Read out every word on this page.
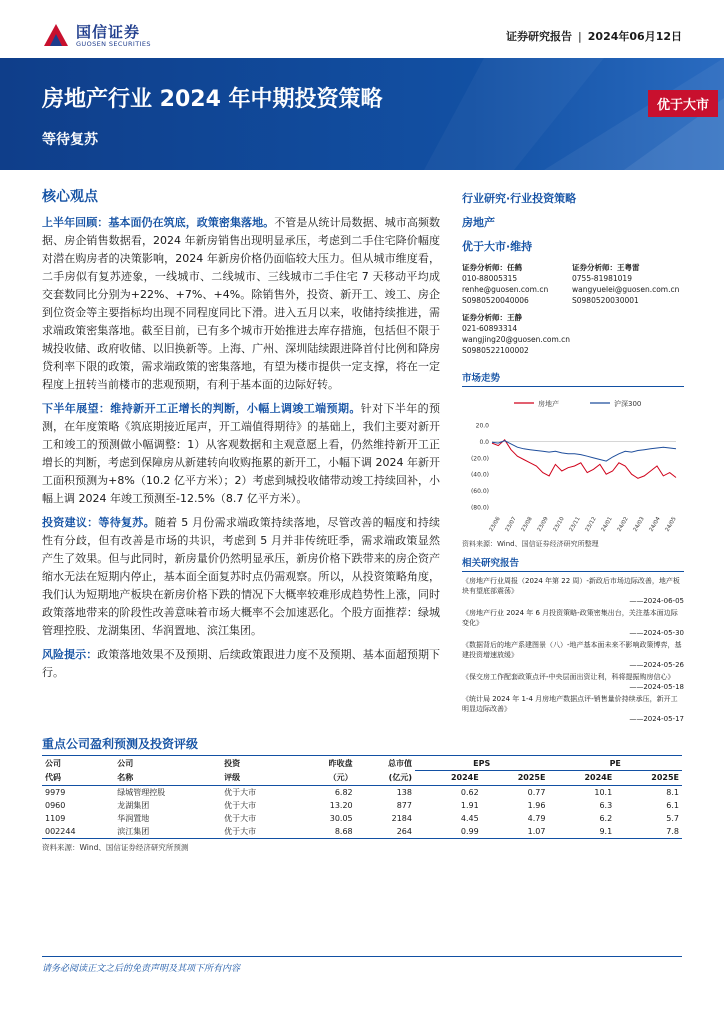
国信证券
GUOSEN SECURITIES
证券研究报告 | 2024年06月12日
房地产行业 2024 年中期投资策略
等待复苏
优于大市
核心观点

上半年回顾：基本面仍在筑底，政策密集落地。不管是从统计局数据、城市高频数据、房企销售数据看，2024 年新房销售出现明显承压，考虑到二手住宅降价幅度对潜在购房者的决策影响，2024 年新房价格仍面临较大压力。但从城市维度看，二手房似有复苏迹象，一线城市、二线城市、三线城市二手住宅 7 天移动平均成交套数同比分别为+22%、+7%、+4%。除销售外，投资、新开工、竣工、房企到位资金等主要指标均出现不同程度同比下滑。进入五月以来，收储持续推进，需求端政策密集落地。截至目前，已有多个城市开始推进去库存措施，包括但不限于城投收储、政府收储、以旧换新等。上海、广州、深圳陆续跟进降首付比例和降房贷利率下限的政策，需求端政策的密集落地，有望为楼市提供一定支撑，将在一定程度上扭转当前楼市的悲观预期，有利于基本面的边际好转。

下半年展望：维持新开工正增长的判断，小幅上调竣工端预期。针对下半年的预测，在年度策略《筑底期接近尾声，开工端值得期待》的基础上，我们主要对新开工和竣工的预测做小幅调整：1）从客观数据和主观意愿上看，仍然维持新开工正增长的判断，考虑到保障房从新建转向收购拖累的新开工，小幅下调 2024 年新开工面积预测为+8%（10.2 亿平方米）；2）考虑到城投收储带动竣工持续回补，小幅上调 2024 年竣工预测至-12.5%（8.7 亿平方米）。

投资建议：等待复苏。随着 5 月份需求端政策持续落地，尽管改善的幅度和持续性有分歧，但有改善是市场的共识，考虑到 5 月并非传统旺季，需求端政策显然产生了效果。但与此同时，新房量价仍然明显承压，新房价格下跌带来的房企资产缩水无法在短期内停止，基本面全面复苏时点仍需观察。所以，从投资策略角度，我们认为短期地产板块在新房价格下跌的情况下大概率较难形成趋势性上涨，同时政策落地带来的阶段性改善意味着市场大概率不会加速恶化。个股方面推荐：绿城管理控股、龙湖集团、华润置地、滨江集团。

风险提示：政策落地效果不及预期、后续政策跟进力度不及预期、基本面超预期下行。

重点公司盈利预测及投资评级
公司	公司	投资	昨收盘	总市值	EPS		PE	
代码	名称	评级	（元）	(亿元)	2024E	2025E	2024E	2025E
9979	绿城管理控股	优于大市	6.82	138	0.62	0.77	10.1	8.1
0960	龙湖集团	优于大市	13.20	877	1.91	1.96	6.3	6.1
1109	华润置地	优于大市	30.05	2184	4.45	4.79	6.2	5.7
002244	滨江集团	优于大市	8.68	264	0.99	1.07	9.1	7.8
资料来源：Wind、国信证券经济研究所预测
行业研究·行业投资策略
房地产
优于大市·维持
证券分析师：任鹤
010-88005315
renhe@guosen.com.cn
S0980520040006
证券分析师：王粤雷
0755-81981019
wangyuelei@guosen.com.cn
S0980520030001
证券分析师：王静
021-60893314
wangjing20@guosen.com.cn
S0980522100002
市场走势
房地产	沪深300
20.0
0.0
(20.0)
(40.0)
(60.0)
(80.0)
23/06 23/07 23/08 23/09 23/10 23/11 23/12 24/01 24/02 24/03 24/04 24/05
资料来源：Wind、国信证券经济研究所整理
相关研究报告
《房地产行业周报（2024 年第 22 周）-新政后市场边际改善，地产板块有望底部震荡》
——2024-06-05
《房地产行业 2024 年 6 月投资策略-政策密集出台，关注基本面边际变化》
——2024-05-30
《数据背后的地产系建图景（八）-地产基本面未来不影响政策博弈，基建投资增速放缓》
——2024-05-26
《保交房工作配套政策点评-中央层面出资让利，科将提振购房信心》
——2024-05-18
《统计局 2024 年 1-4 月房地产数据点评-销售量价持续承压，新开工明显边际改善》
——2024-05-17
请务必阅读正文之后的免责声明及其项下所有内容
